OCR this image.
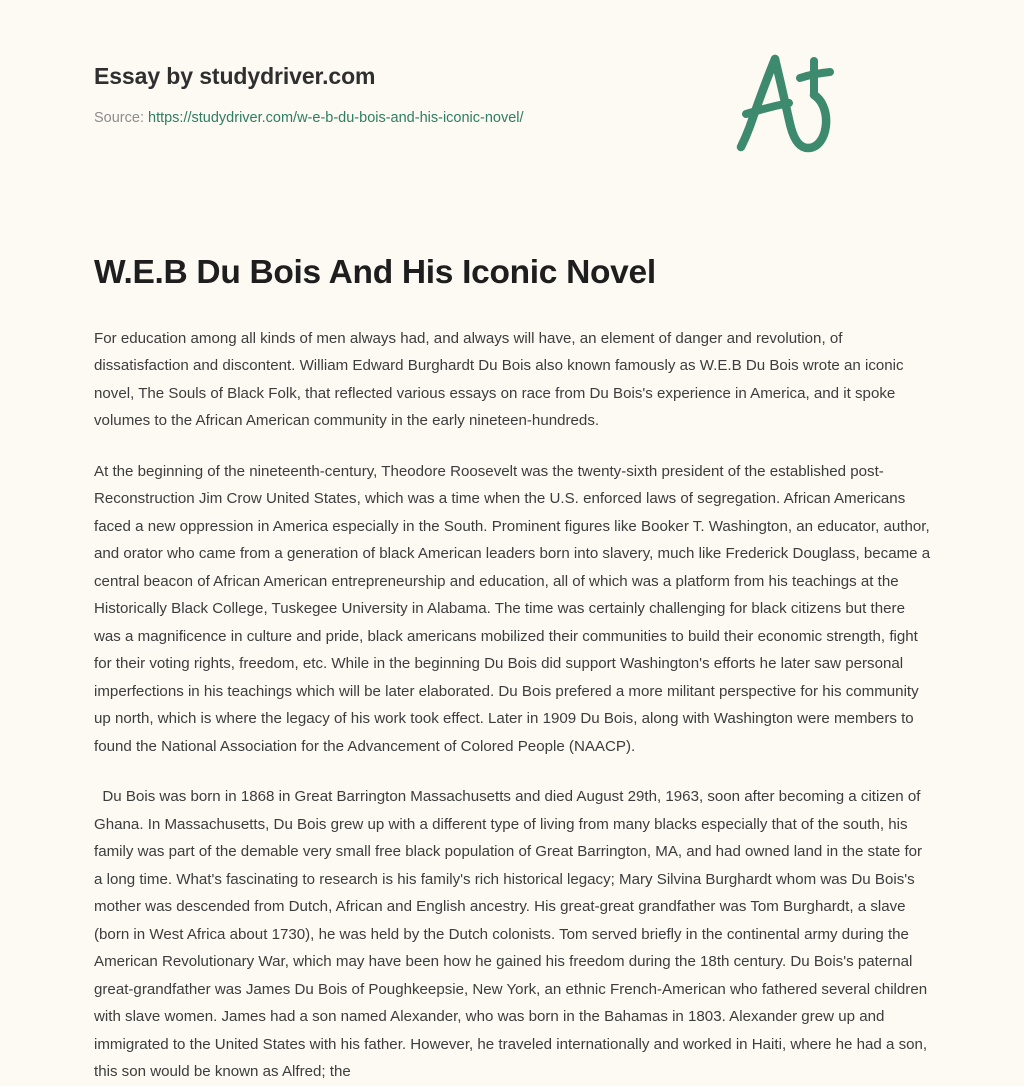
Essay by studydriver.com
Source: https://studydriver.com/w-e-b-du-bois-and-his-iconic-novel/
W.E.B Du Bois And His Iconic Novel

For education among all kinds of men always had, and always will have, an element of danger and revolution, of dissatisfaction and discontent. William Edward Burghardt Du Bois also known famously as W.E.B Du Bois wrote an iconic novel, The Souls of Black Folk, that reflected various essays on race from Du Bois's experience in America, and it spoke volumes to the African American community in the early nineteen-hundreds.

At the beginning of the nineteenth-century, Theodore Roosevelt was the twenty-sixth president of the established post-Reconstruction Jim Crow United States, which was a time when the U.S. enforced laws of segregation. African Americans faced a new oppression in America especially in the South. Prominent figures like Booker T. Washington, an educator, author, and orator who came from a generation of black American leaders born into slavery, much like Frederick Douglass, became a central beacon of African American entrepreneurship and education, all of which was a platform from his teachings at the Historically Black College, Tuskegee University in Alabama. The time was certainly challenging for black citizens but there was a magnificence in culture and pride, black americans mobilized their communities to build their economic strength, fight for their voting rights, freedom, etc. While in the beginning Du Bois did support Washington's efforts he later saw personal imperfections in his teachings which will be later elaborated. Du Bois prefered a more militant perspective for his community up north, which is where the legacy of his work took effect. Later in 1909 Du Bois, along with Washington were members to found the National Association for the Advancement of Colored People (NAACP).

Du Bois was born in 1868 in Great Barrington Massachusetts and died August 29th, 1963, soon after becoming a citizen of Ghana. In Massachusetts, Du Bois grew up with a different type of living from many blacks especially that of the south, his family was part of the demable very small free black population of Great Barrington, MA, and had owned land in the state for a long time. What's fascinating to research is his family's rich historical legacy; Mary Silvina Burghardt whom was Du Bois's mother was descended from Dutch, African and English ancestry. His great-great grandfather was Tom Burghardt, a slave (born in West Africa about 1730), he was held by the Dutch colonists. Tom served briefly in the continental army during the American Revolutionary War, which may have been how he gained his freedom during the 18th century. Du Bois's paternal great-grandfather was James Du Bois of Poughkeepsie, New York, an ethnic French-American who fathered several children with slave women. James had a son named Alexander, who was born in the Bahamas in 1803. Alexander grew up and immigrated to the United States with his father. However, he traveled internationally and worked in Haiti, where he had a son, this son would be known as Alfred; the
